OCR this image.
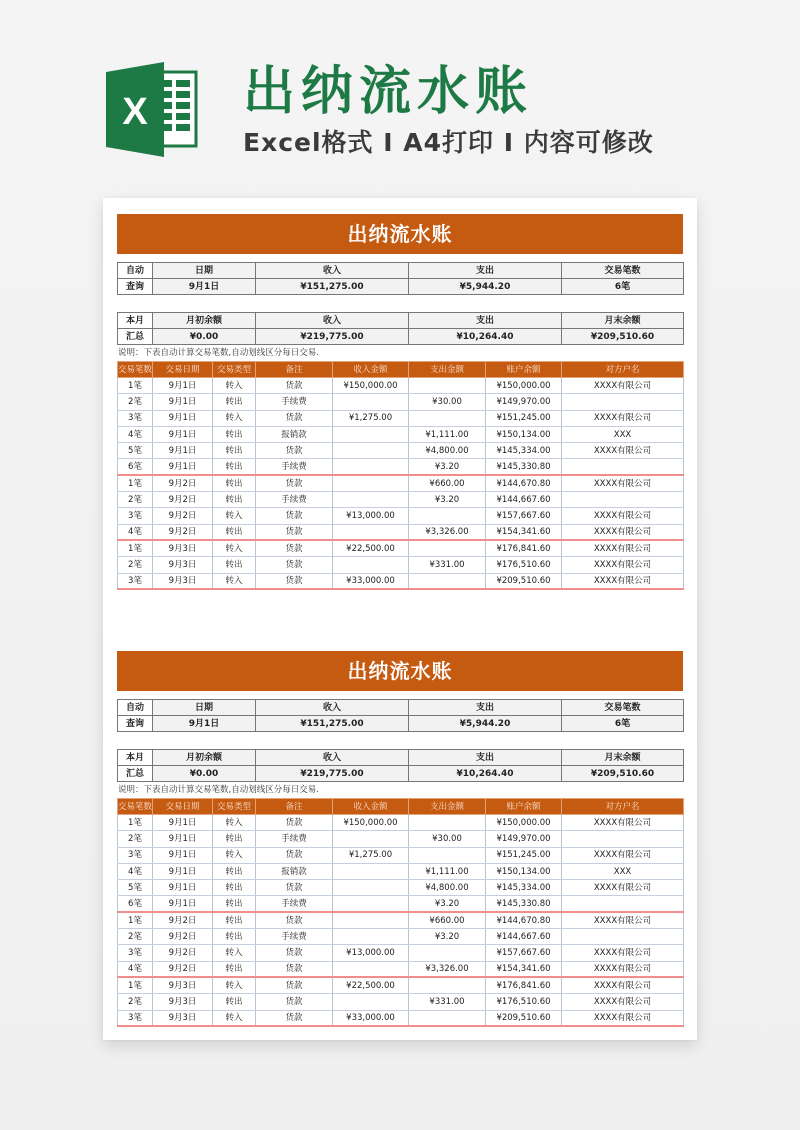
X 出纳流水账
Excel格式 I A4打印 I 内容可修改
出纳流水账
自动	日期	收入	支出	交易笔数
查询	9月1日	¥151,275.00	¥5,944.20	6笔
本月	月初余额	收入	支出	月末余额
汇总	¥0.00	¥219,775.00	¥10,264.40	¥209,510.60
说明：下表自动计算交易笔数,自动划线区分每日交易.
交易笔数	交易日期	交易类型	备注	收入金额	支出金额	账户余额	对方户名
1笔	9月1日	转入	货款	¥150,000.00		¥150,000.00	XXXX有限公司
2笔	9月1日	转出	手续费		¥30.00	¥149,970.00	
3笔	9月1日	转入	货款	¥1,275.00		¥151,245.00	XXXX有限公司
4笔	9月1日	转出	报销款		¥1,111.00	¥150,134.00	XXX
5笔	9月1日	转出	货款		¥4,800.00	¥145,334.00	XXXX有限公司
6笔	9月1日	转出	手续费		¥3.20	¥145,330.80	
1笔	9月2日	转出	货款		¥660.00	¥144,670.80	XXXX有限公司
2笔	9月2日	转出	手续费		¥3.20	¥144,667.60	
3笔	9月2日	转入	货款	¥13,000.00		¥157,667.60	XXXX有限公司
4笔	9月2日	转出	货款		¥3,326.00	¥154,341.60	XXXX有限公司
1笔	9月3日	转入	货款	¥22,500.00		¥176,841.60	XXXX有限公司
2笔	9月3日	转出	货款		¥331.00	¥176,510.60	XXXX有限公司
3笔	9月3日	转入	货款	¥33,000.00		¥209,510.60	XXXX有限公司
出纳流水账
自动	日期	收入	支出	交易笔数
查询	9月1日	¥151,275.00	¥5,944.20	6笔
本月	月初余额	收入	支出	月末余额
汇总	¥0.00	¥219,775.00	¥10,264.40	¥209,510.60
说明：下表自动计算交易笔数,自动划线区分每日交易.
交易笔数	交易日期	交易类型	备注	收入金额	支出金额	账户余额	对方户名
1笔	9月1日	转入	货款	¥150,000.00		¥150,000.00	XXXX有限公司
2笔	9月1日	转出	手续费		¥30.00	¥149,970.00	
3笔	9月1日	转入	货款	¥1,275.00		¥151,245.00	XXXX有限公司
4笔	9月1日	转出	报销款		¥1,111.00	¥150,134.00	XXX
5笔	9月1日	转出	货款		¥4,800.00	¥145,334.00	XXXX有限公司
6笔	9月1日	转出	手续费		¥3.20	¥145,330.80	
1笔	9月2日	转出	货款		¥660.00	¥144,670.80	XXXX有限公司
2笔	9月2日	转出	手续费		¥3.20	¥144,667.60	
3笔	9月2日	转入	货款	¥13,000.00		¥157,667.60	XXXX有限公司
4笔	9月2日	转出	货款		¥3,326.00	¥154,341.60	XXXX有限公司
1笔	9月3日	转入	货款	¥22,500.00		¥176,841.60	XXXX有限公司
2笔	9月3日	转出	货款		¥331.00	¥176,510.60	XXXX有限公司
3笔	9月3日	转入	货款	¥33,000.00		¥209,510.60	XXXX有限公司
